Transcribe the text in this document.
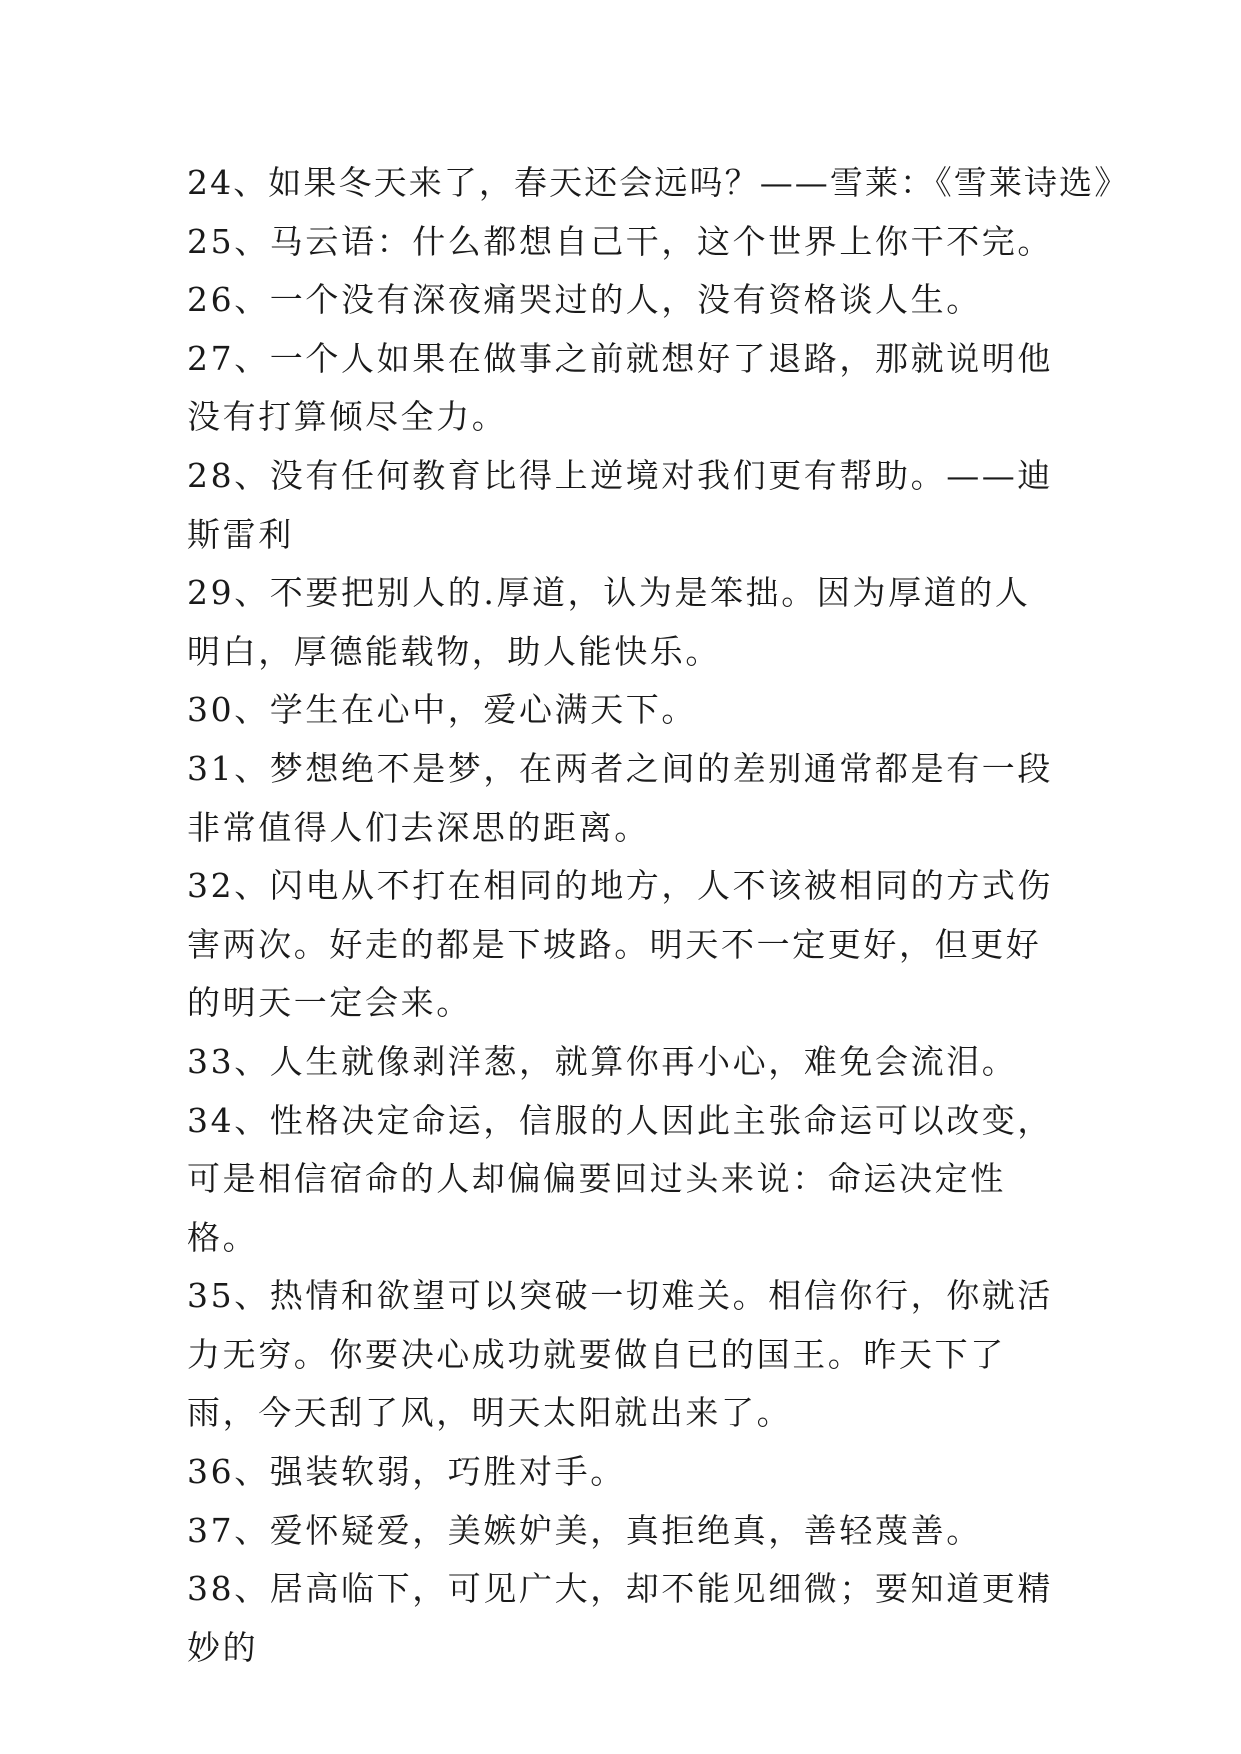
24、如果冬天来了，春天还会远吗？——雪莱：《雪莱诗选》

25、马云语：什么都想自己干，这个世界上你干不完。

26、一个没有深夜痛哭过的人，没有资格谈人生。

27、一个人如果在做事之前就想好了退路，那就说明他没有打算倾尽全力。

28、没有任何教育比得上逆境对我们更有帮助。——迪斯雷利

29、不要把别人的.厚道，认为是笨拙。因为厚道的人明白，厚德能载物，助人能快乐。

30、学生在心中，爱心满天下。

31、梦想绝不是梦，在两者之间的差别通常都是有一段非常值得人们去深思的距离。

32、闪电从不打在相同的地方，人不该被相同的方式伤害两次。好走的都是下坡路。明天不一定更好，但更好的明天一定会来。

33、人生就像剥洋葱，就算你再小心，难免会流泪。

34、性格决定命运，信服的人因此主张命运可以改变，可是相信宿命的人却偏偏要回过头来说：命运决定性格。

35、热情和欲望可以突破一切难关。相信你行，你就活力无穷。你要决心成功就要做自已的国王。昨天下了雨，今天刮了风，明天太阳就出来了。

36、强装软弱，巧胜对手。

37、爱怀疑爱，美嫉妒美，真拒绝真，善轻蔑善。

38、居高临下，可见广大，却不能见细微；要知道更精妙的
